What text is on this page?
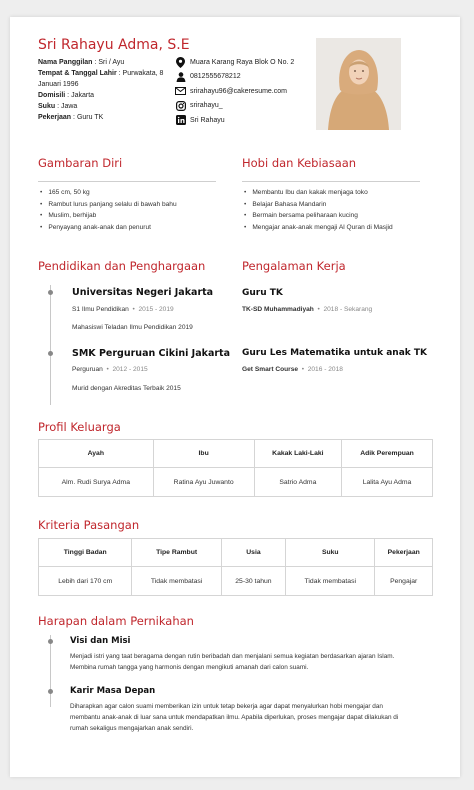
Sri Rahayu Adma, S.E
Nama Panggilan : Sri / Ayu
Tempat & Tanggal Lahir : Purwakata, 8 Januari 1996
Domisili : Jakarta
Suku : Jawa
Pekerjaan : Guru TK
Muara Karang Raya Blok O No. 2
0812555678212
srirahayu96@cakeresume.com
srirahayu_
Sri Rahayu
Gambaran Diri
• 165 cm, 50 kg
• Rambut lurus panjang selalu di bawah bahu
• Muslim, berhijab
• Penyayang anak-anak dan penurut
Hobi dan Kebiasaan
• Membantu Ibu dan kakak menjaga toko
• Belajar Bahasa Mandarin
• Bermain bersama peliharaan kucing
• Mengajar anak-anak mengaji Al Quran di Masjid
Pendidikan dan Penghargaan
Universitas Negeri Jakarta
S1 Ilmu Pendidikan  •  2015 - 2019
Mahasiswi Teladan Ilmu Pendidikan 2019
SMK Perguruan Cikini Jakarta
Perguruan  •  2012 - 2015
Murid dengan Akreditas Terbaik 2015
Pengalaman Kerja
Guru TK
TK-SD Muhammadiyah  •  2018 - Sekarang
Guru Les Matematika untuk anak TK
Get Smart Course  •  2016 - 2018
Profil Keluarga
Ayah	Ibu	Kakak Laki-Laki	Adik Perempuan
Alm. Rudi Surya Adma	Ratina Ayu Juwanto	Satrio Adma	Lalita Ayu Adma
Kriteria Pasangan
Tinggi Badan	Tipe Rambut	Usia	Suku	Pekerjaan
Lebih dari 170 cm	Tidak membatasi	25-30 tahun	Tidak membatasi	Pengajar
Harapan dalam Pernikahan
Visi dan Misi
Menjadi istri yang taat beragama dengan rutin beribadah dan menjalani semua kegiatan berdasarkan ajaran Islam.
Membina rumah tangga yang harmonis dengan mengikuti amanah dari calon suami.
Karir Masa Depan
Diharapkan agar calon suami memberikan izin untuk tetap bekerja agar dapat menyalurkan hobi mengajar dan
membantu anak-anak di luar sana untuk mendapatkan ilmu. Apabila diperlukan, proses mengajar dapat dilakukan di
rumah sekaligus mengajarkan anak sendiri.
